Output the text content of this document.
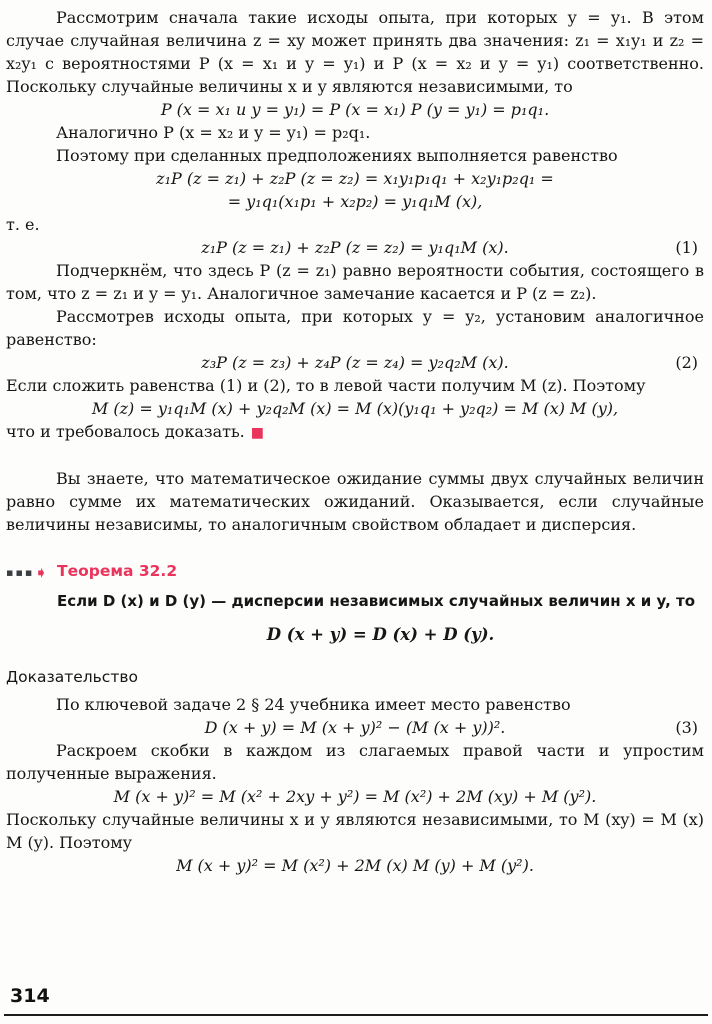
Рассмотрим сначала такие исходы опыта, при которых y = y₁. В этом случае случайная величина z = xy может принять два значения: z₁ = x₁y₁ и z₂ = x₂y₁ с вероятностями P (x = x₁ и y = y₁) и P (x = x₂ и y = y₁) соответственно. Поскольку случайные величины x и y являются независимыми, то

P (x = x₁ и y = y₁) = P (x = x₁) P (y = y₁) = p₁q₁.

Аналогично P (x = x₂ и y = y₁) = p₂q₁.

Поэтому при сделанных предположениях выполняется равенство

z₁P (z = z₁) + z₂P (z = z₂) = x₁y₁p₁q₁ + x₂y₁p₂q₁ =

= y₁q₁(x₁p₁ + x₂p₂) = y₁q₁M (x),

т. е.

z₁P (z = z₁) + z₂P (z = z₂) = y₁q₁M (x).	(1)

Подчеркнём, что здесь P (z = z₁) равно вероятности события, состоящего в том, что z = z₁ и y = y₁. Аналогичное замечание касается и P (z = z₂).

Рассмотрев исходы опыта, при которых y = y₂, установим аналогичное равенство:

z₃P (z = z₃) + z₄P (z = z₄) = y₂q₂M (x).	(2)

Если сложить равенства (1) и (2), то в левой части получим M (z). Поэтому

M (z) = y₁q₁M (x) + y₂q₂M (x) = M (x)(y₁q₁ + y₂q₂) = M (x) M (y),

что и требовалось доказать. ■

Вы знаете, что математическое ожидание суммы двух случайных величин равно сумме их математических ожиданий. Оказывается, если случайные величины независимы, то аналогичным свойством обладает и дисперсия.

▪▪▪➧ Теорема 32.2
Если D (x) и D (y) — дисперсии независимых случайных величин x и y, то
D (x + y) = D (x) + D (y).

Доказательство

По ключевой задаче 2 § 24 учебника имеет место равенство

D (x + y) = M (x + y)² − (M (x + y))².	(3)

Раскроем скобки в каждом из слагаемых правой части и упростим полученные выражения.

M (x + y)² = M (x² + 2xy + y²) = M (x²) + 2M (xy) + M (y²).

Поскольку случайные величины x и y являются независимыми, то M (xy) = M (x) M (y). Поэтому

M (x + y)² = M (x²) + 2M (x) M (y) + M (y²).

314
